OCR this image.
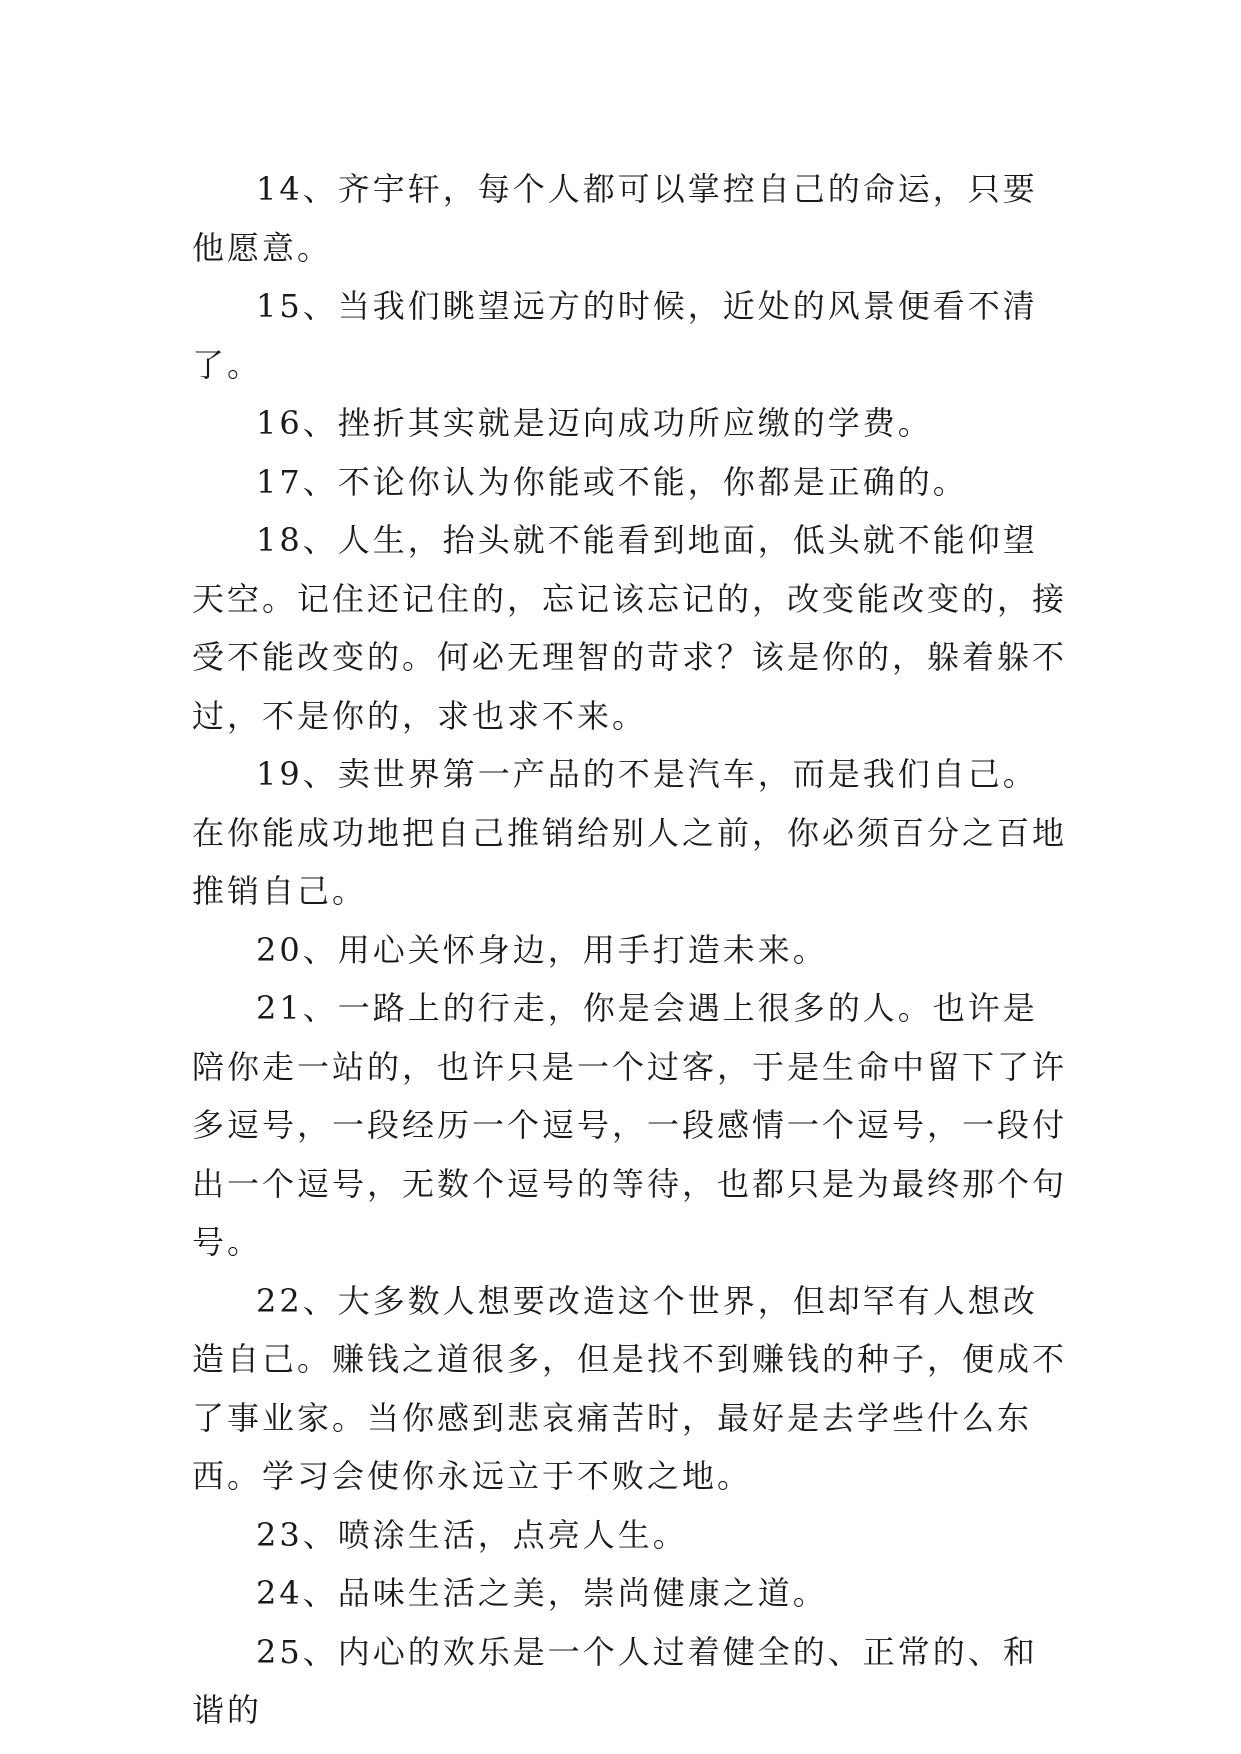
14、齐宇轩，每个人都可以掌控自己的命运，只要他愿意。

15、当我们眺望远方的时候，近处的风景便看不清了。

16、挫折其实就是迈向成功所应缴的学费。

17、不论你认为你能或不能，你都是正确的。

18、人生，抬头就不能看到地面，低头就不能仰望天空。记住还记住的，忘记该忘记的，改变能改变的，接受不能改变的。何必无理智的苛求？该是你的，躲着躲不过，不是你的，求也求不来。

19、卖世界第一产品的不是汽车，而是我们自己。在你能成功地把自己推销给别人之前，你必须百分之百地推销自己。

20、用心关怀身边，用手打造未来。

21、一路上的行走，你是会遇上很多的人。也许是陪你走一站的，也许只是一个过客，于是生命中留下了许多逗号，一段经历一个逗号，一段感情一个逗号，一段付出一个逗号，无数个逗号的等待，也都只是为最终那个句号。

22、大多数人想要改造这个世界，但却罕有人想改造自己。赚钱之道很多，但是找不到赚钱的种子，便成不了事业家。当你感到悲哀痛苦时，最好是去学些什么东西。学习会使你永远立于不败之地。

23、喷涂生活，点亮人生。

24、品味生活之美，崇尚健康之道。

25、内心的欢乐是一个人过着健全的、正常的、和谐的
